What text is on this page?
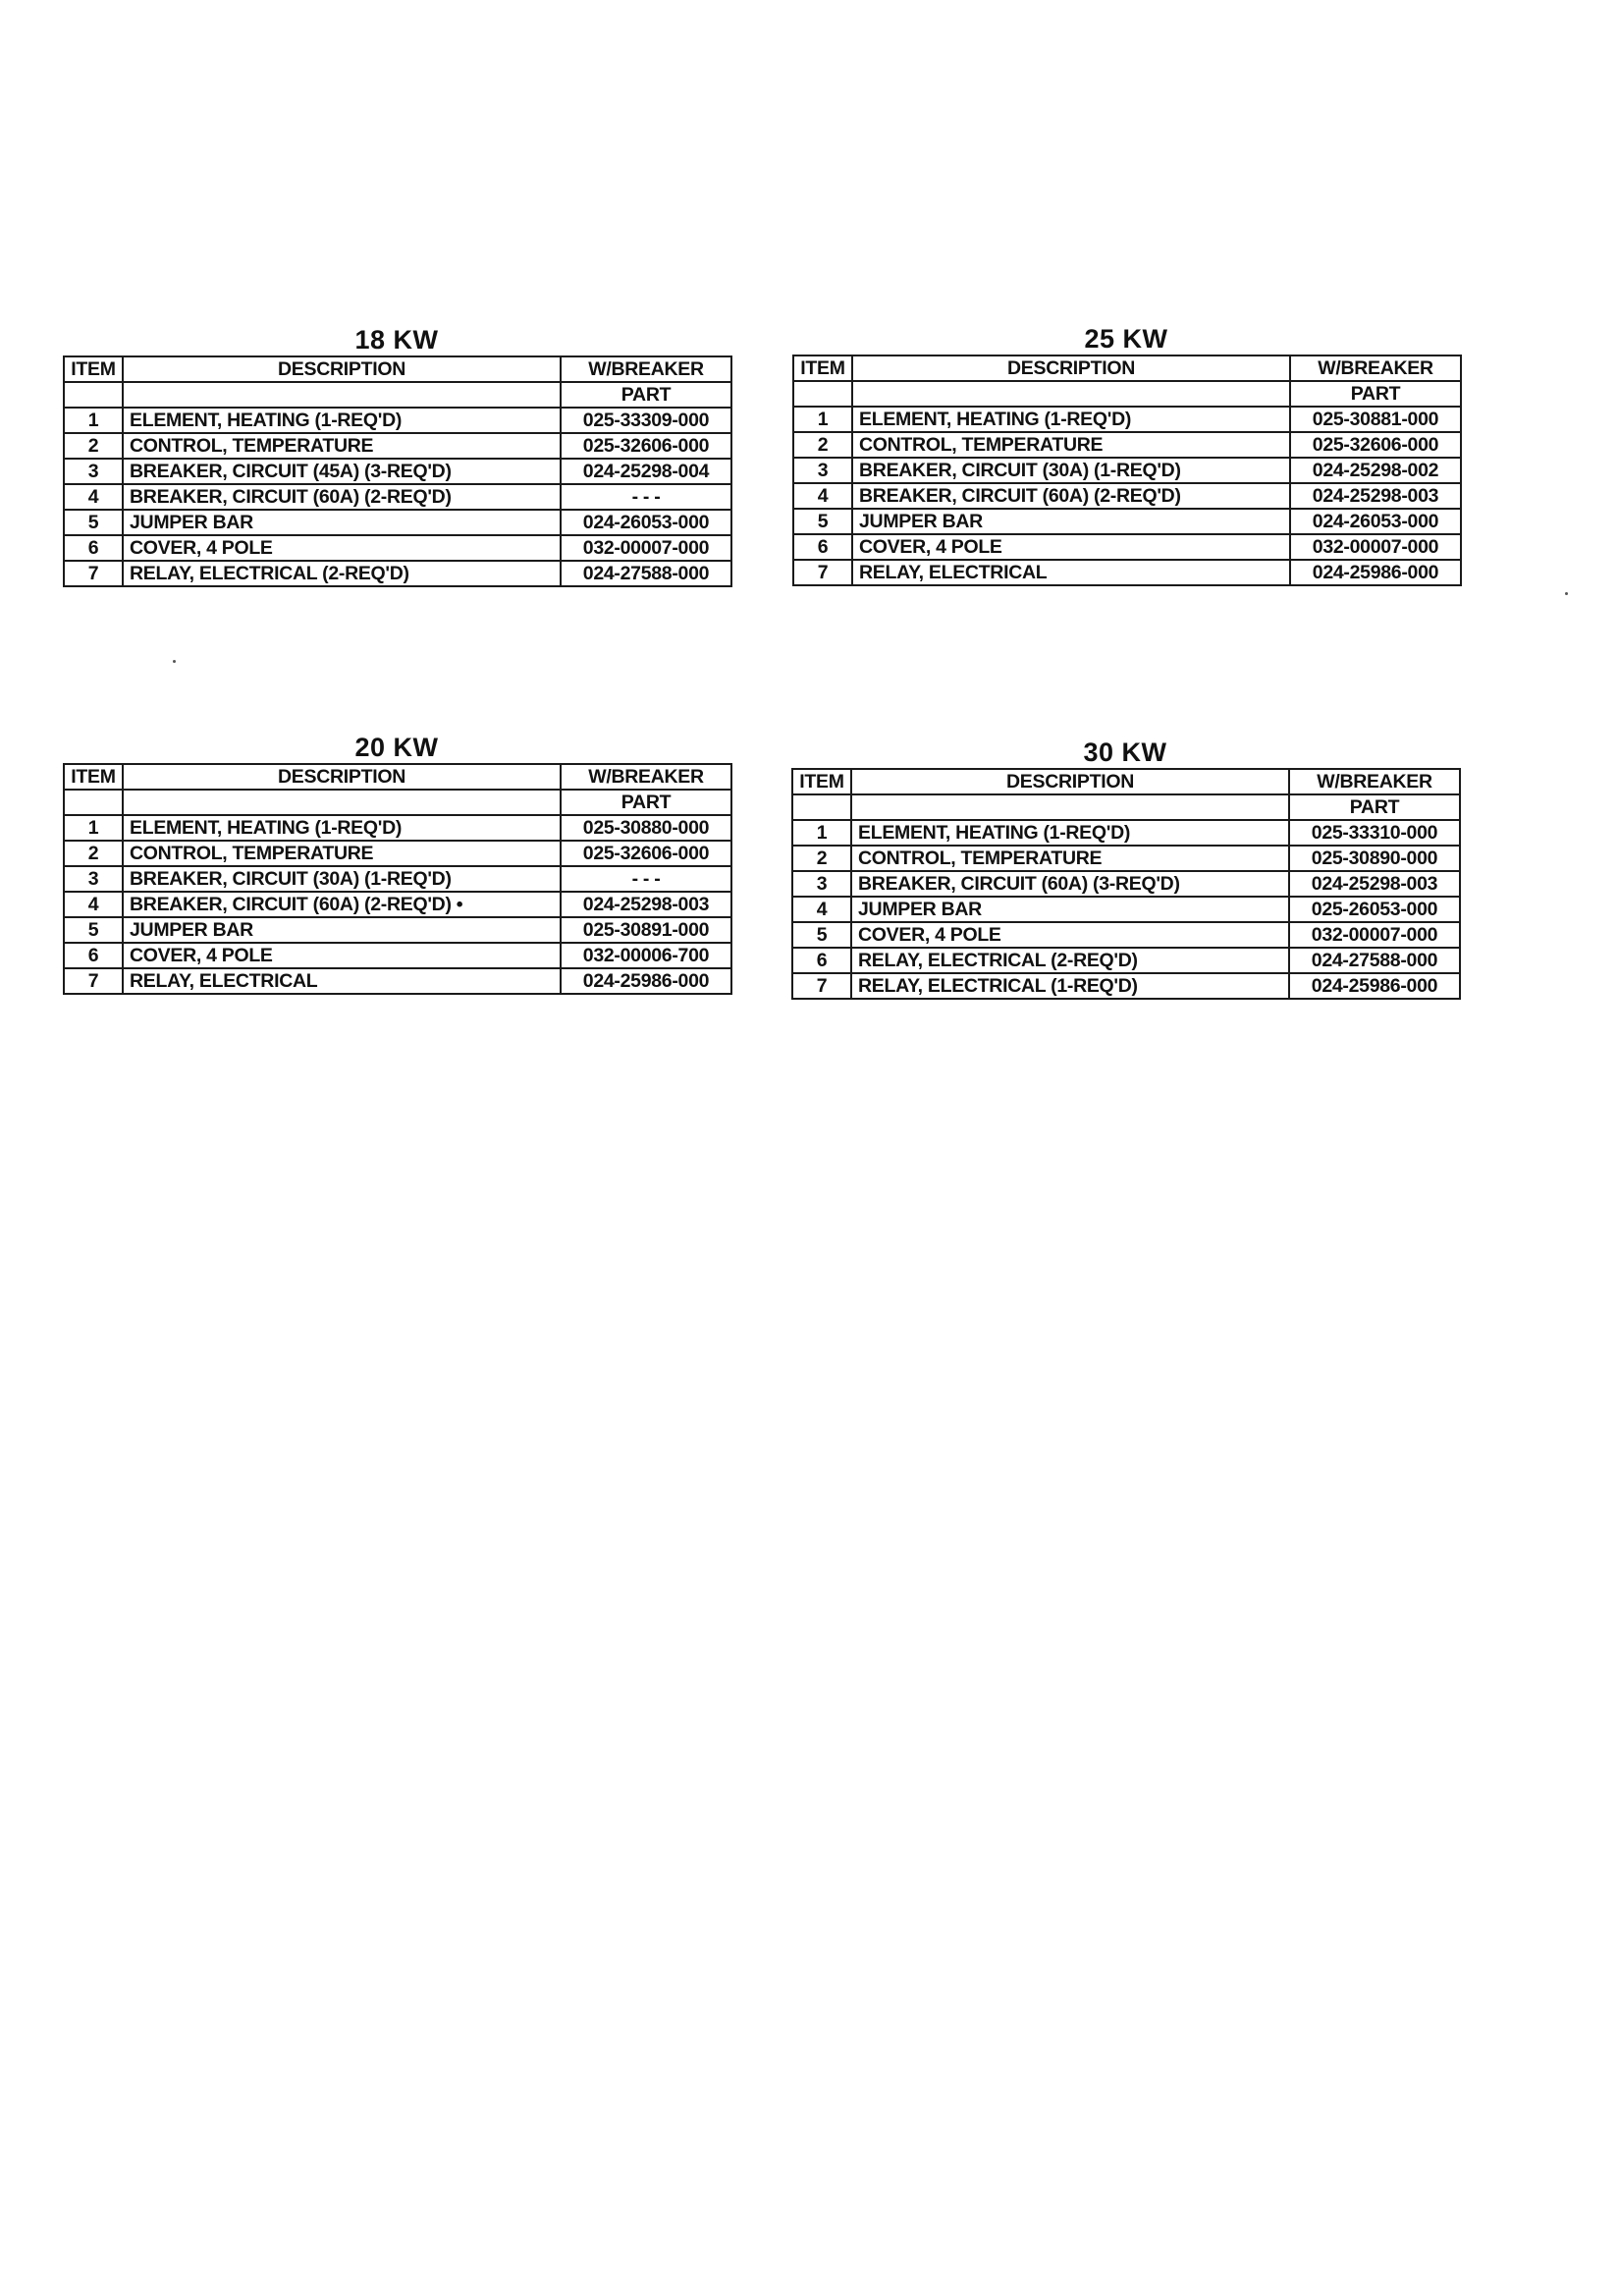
18 KW
ITEM	DESCRIPTION	W/BREAKER
		PART
1	ELEMENT, HEATING (1-REQ'D)	025-33309-000
2	CONTROL, TEMPERATURE	025-32606-000
3	BREAKER, CIRCUIT (45A) (3-REQ'D)	024-25298-004
4	BREAKER, CIRCUIT (60A) (2-REQ'D)	- - -
5	JUMPER BAR	024-26053-000
6	COVER, 4 POLE	032-00007-000
7	RELAY, ELECTRICAL (2-REQ'D)	024-27588-000
25 KW
ITEM	DESCRIPTION	W/BREAKER
		PART
1	ELEMENT, HEATING (1-REQ'D)	025-30881-000
2	CONTROL, TEMPERATURE	025-32606-000
3	BREAKER, CIRCUIT (30A) (1-REQ'D)	024-25298-002
4	BREAKER, CIRCUIT (60A) (2-REQ'D)	024-25298-003
5	JUMPER BAR	024-26053-000
6	COVER, 4 POLE	032-00007-000
7	RELAY, ELECTRICAL	024-25986-000
20 KW
ITEM	DESCRIPTION	W/BREAKER
		PART
1	ELEMENT, HEATING (1-REQ'D)	025-30880-000
2	CONTROL, TEMPERATURE	025-32606-000
3	BREAKER, CIRCUIT (30A) (1-REQ'D)	- - -
4	BREAKER, CIRCUIT (60A) (2-REQ'D) •	024-25298-003
5	JUMPER BAR	025-30891-000
6	COVER, 4 POLE	032-00006-700
7	RELAY, ELECTRICAL	024-25986-000
30 KW
ITEM	DESCRIPTION	W/BREAKER
		PART
1	ELEMENT, HEATING (1-REQ'D)	025-33310-000
2	CONTROL, TEMPERATURE	025-30890-000
3	BREAKER, CIRCUIT (60A) (3-REQ'D)	024-25298-003
4	JUMPER BAR	025-26053-000
5	COVER, 4 POLE	032-00007-000
6	RELAY, ELECTRICAL (2-REQ'D)	024-27588-000
7	RELAY, ELECTRICAL (1-REQ'D)	024-25986-000
